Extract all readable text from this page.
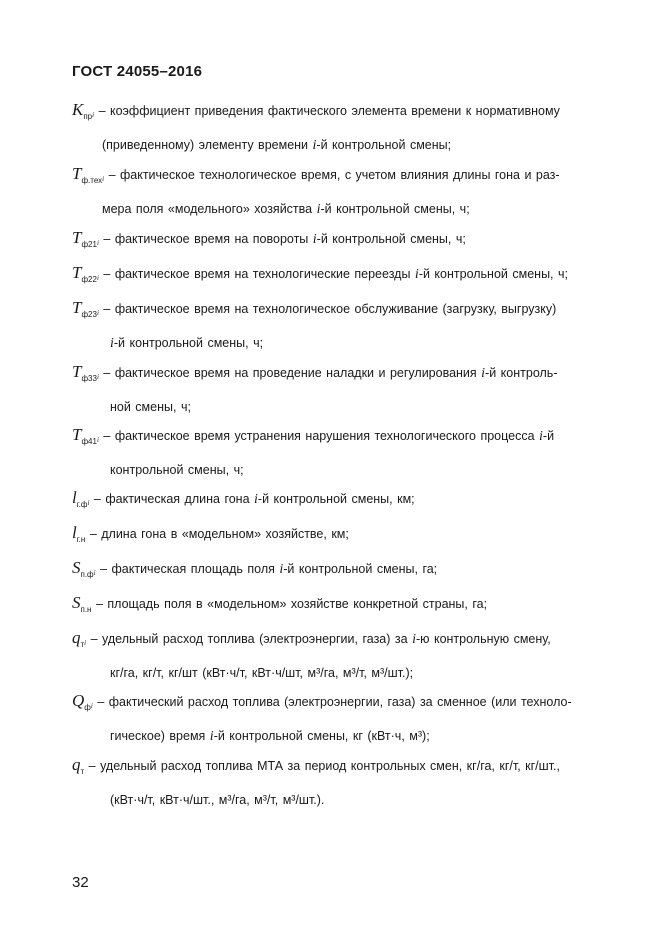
ГОСТ 24055–2016
$K_{пр}i$ – коэффициент приведения фактического элемента времени к нормативному
(приведенному) элементу времени i-й контрольной смены;
$T_{ф.тех}i$ – фактическое технологическое время, с учетом влияния длины гона и раз-
мера поля «модельного» хозяйства i-й контрольной смены, ч;
$T_{ф21}i$ – фактическое время на повороты i-й контрольной смены, ч;
$T_{ф22}i$ – фактическое время на технологические переезды i-й контрольной смены, ч;
$T_{ф23}i$ – фактическое время на технологическое обслуживание (загрузку, выгрузку)
i-й контрольной смены, ч;
$T_{ф33}i$ – фактическое время на проведение наладки и регулирования i-й контроль-
ной смены, ч;
$T_{ф41}i$ – фактическое время устранения нарушения технологического процесса i-й
контрольной смены, ч;
$l_{г.ф}i$ – фактическая длина гона i-й контрольной смены, км;
$l_{г.н}$ – длина гона в «модельном» хозяйстве, км;
$S_{п.ф}i$ – фактическая площадь поля i-й контрольной смены, га;
$S_{п.н}$ – площадь поля в «модельном» хозяйстве конкретной страны, га;
$q_тi$ – удельный расход топлива (электроэнергии, газа) за i-ю контрольную смену,
кг/га, кг/т, кг/шт (кВт·ч/т, кВт·ч/шт, м³/га, м³/т, м³/шт.);
$Q_фi$ – фактический расход топлива (электроэнергии, газа) за сменное (или техноло-
гическое) время i-й контрольной смены, кг (кВт·ч, м³);
$q_т$ – удельный расход топлива МТА за период контрольных смен, кг/га, кг/т, кг/шт.,
(кВт·ч/т, кВт·ч/шт., м³/га, м³/т, м³/шт.).
32
